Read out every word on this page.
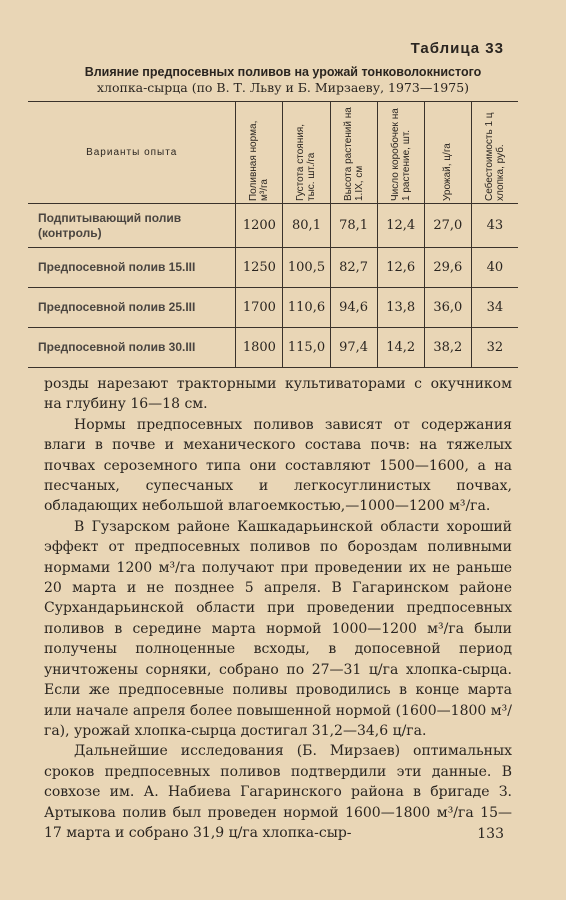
Таблица 33
Влияние предпосевных поливов на урожай тонковолокнистого
хлопка-сырца (по В. Т. Льву и Б. Мирзаеву, 1973—1975)
Варианты опыта	Поливная норма, м³/га	Густота стояния, тыс. шт./га	Высота растений на 1.IX, см	Число коробочек на 1 растение, шт.	Урожай, ц/га	Себестоимость 1 ц хлопка, руб.

Подпитывающий полив (контроль)	1200	80,1	78,1	12,4	27,0	43
Предпосевной полив 15.III	1250	100,5	82,7	12,6	29,6	40
Предпосевной полив 25.III	1700	110,6	94,6	13,8	36,0	34
Предпосевной полив 30.III	1800	115,0	97,4	14,2	38,2	32

розды нарезают тракторными культиваторами с окучником на глубину 16—18 см.

Нормы предпосевных поливов зависят от содержания влаги в почве и механического состава почв: на тяжелых почвах сероземного типа они составляют 1500—1600, а на песчаных, супесчаных и легкосуглинистых почвах, обладающих небольшой влагоемкостью,—1000—1200 м³/га.

В Гузарском районе Кашкадарьинской области хороший эффект от предпосевных поливов по бороздам поливными нормами 1200 м³/га получают при проведении их не раньше 20 марта и не позднее 5 апреля. В Гагаринском районе Сурхандарьинской области при проведении предпосевных поливов в середине марта нормой 1000—1200 м³/га были получены полноценные всходы, в допосевной период уничтожены сорняки, собрано по 27—31 ц/га хлопка-сырца. Если же предпосевные поливы проводились в конце марта или начале апреля более повышенной нормой (1600—1800 м³/га), урожай хлопка-сырца достигал 31,2—34,6 ц/га.

Дальнейшие исследования (Б. Мирзаев) оптимальных сроков предпосевных поливов подтвердили эти данные. В совхозе им. А. Набиева Гагаринского района в бригаде З. Артыкова полив был проведен нормой 1600—1800 м³/га 15—17 марта и собрано 31,9 ц/га хлопка-сыр-	133
